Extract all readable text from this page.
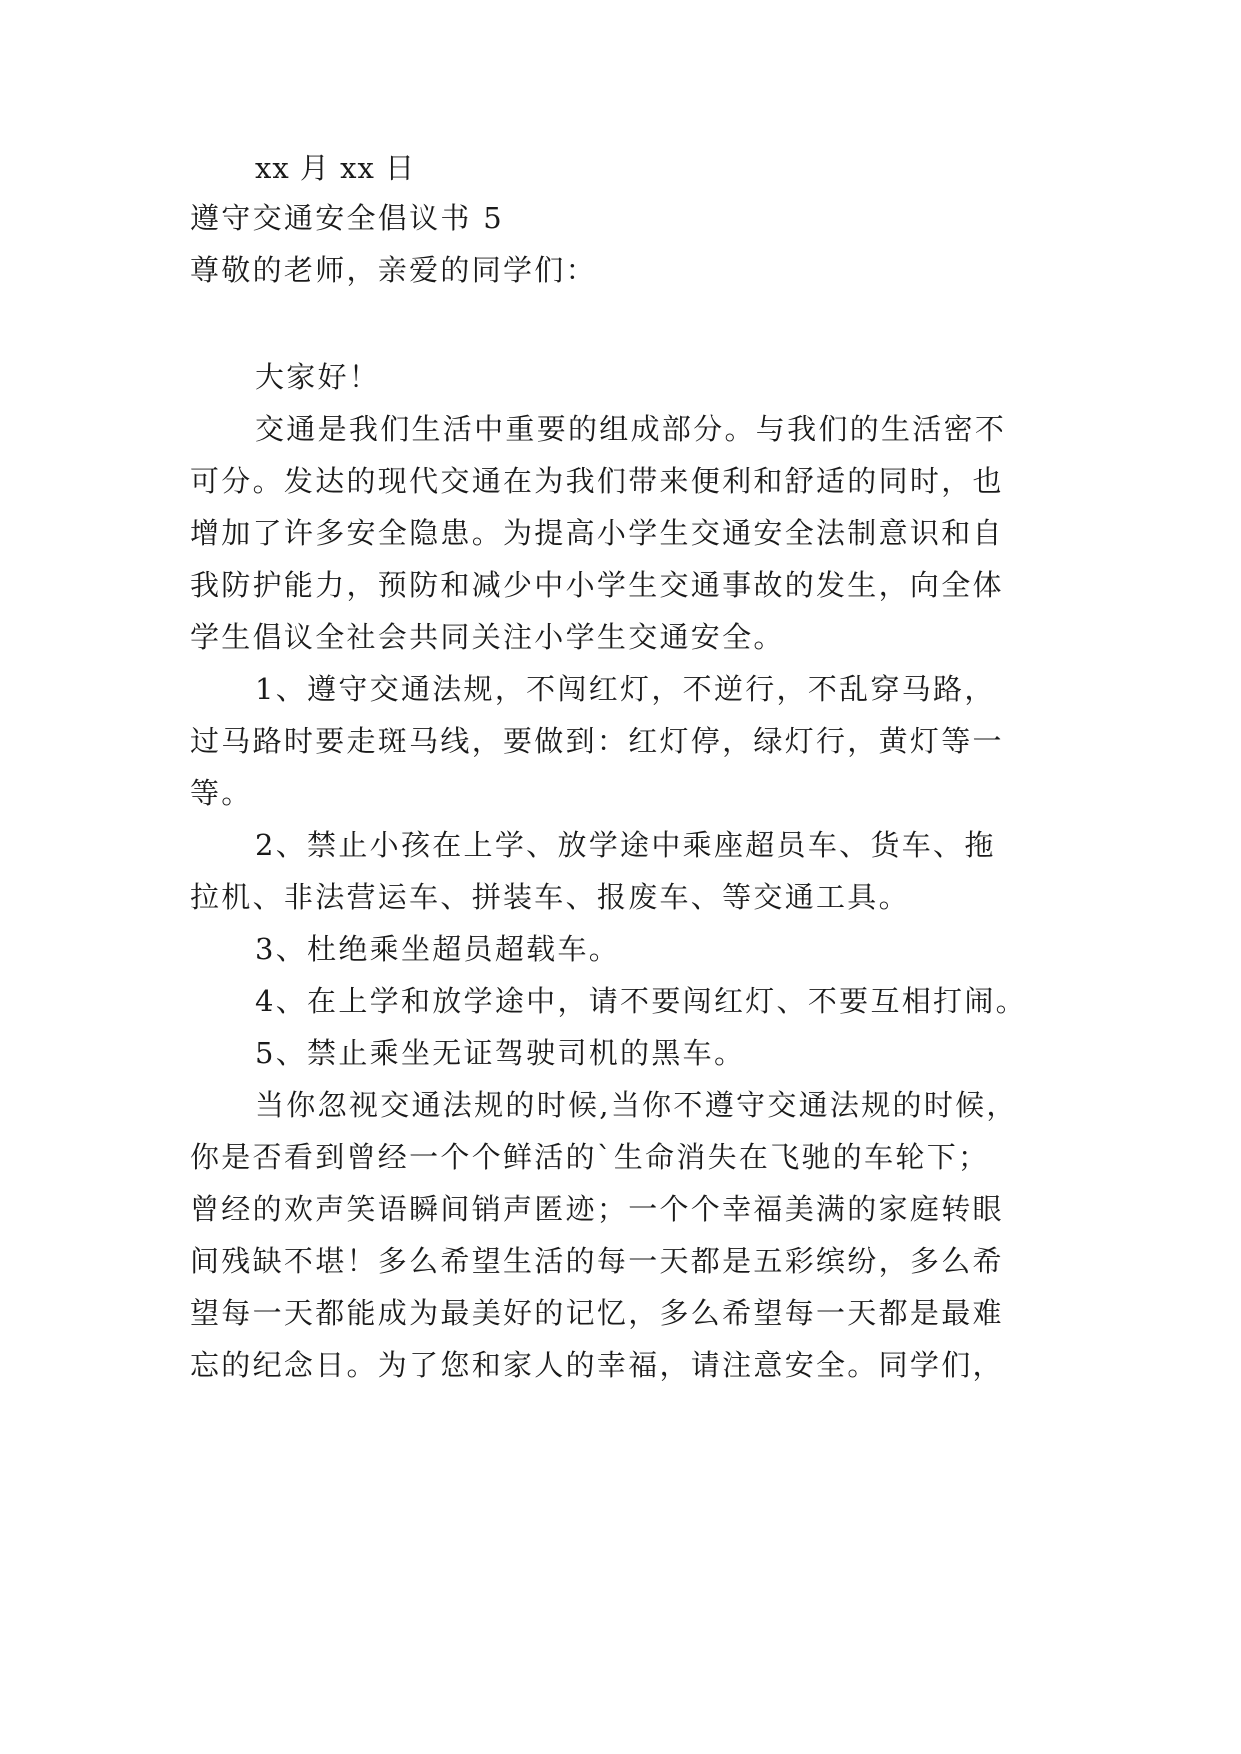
xx 月 xx 日
遵守交通安全倡议书 5
尊敬的老师，亲爱的同学们：
大家好！
交通是我们生活中重要的组成部分。与我们的生活密不
可分。发达的现代交通在为我们带来便利和舒适的同时，也
增加了许多安全隐患。为提高小学生交通安全法制意识和自
我防护能力，预防和减少中小学生交通事故的发生，向全体
学生倡议全社会共同关注小学生交通安全。
1、遵守交通法规，不闯红灯，不逆行，不乱穿马路，
过马路时要走斑马线，要做到：红灯停，绿灯行，黄灯等一
等。
2、禁止小孩在上学、放学途中乘座超员车、货车、拖
拉机、非法营运车、拼装车、报废车、等交通工具。
3、杜绝乘坐超员超载车。
4、在上学和放学途中，请不要闯红灯、不要互相打闹。
5、禁止乘坐无证驾驶司机的黑车。
当你忽视交通法规的时候,当你不遵守交通法规的时候，
你是否看到曾经一个个鲜活的`生命消失在飞驰的车轮下；
曾经的欢声笑语瞬间销声匿迹；一个个幸福美满的家庭转眼
间残缺不堪！多么希望生活的每一天都是五彩缤纷，多么希
望每一天都能成为最美好的记忆，多么希望每一天都是最难
忘的纪念日。为了您和家人的幸福，请注意安全。同学们，
